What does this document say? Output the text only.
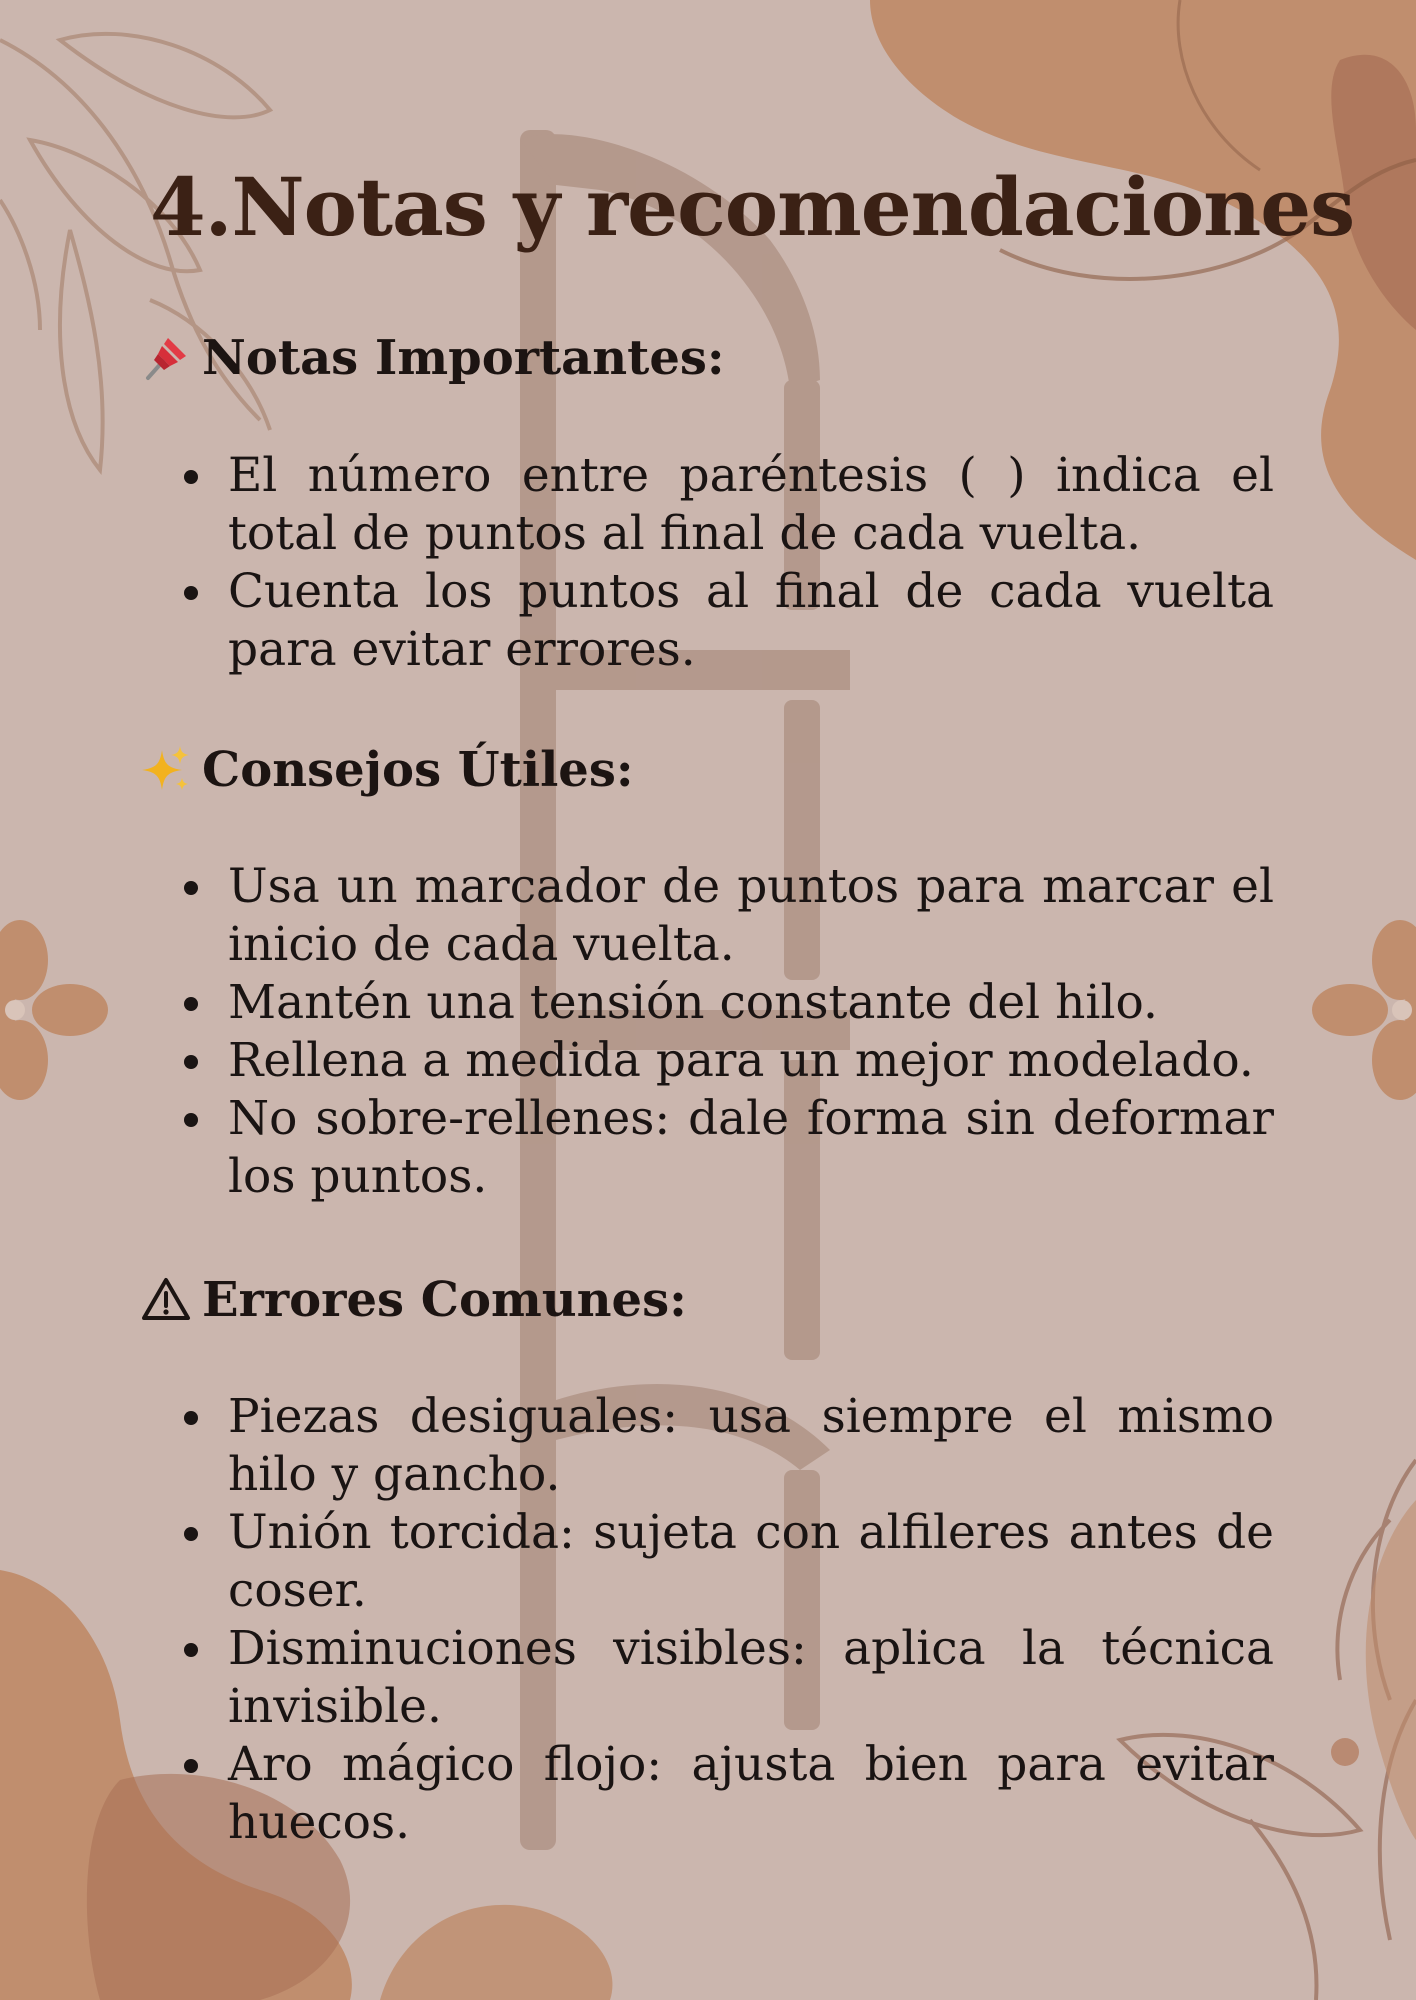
4.Notas y recomendaciones
Notas Importantes:
El número entre paréntesis ( ) indica el total de puntos al final de cada vuelta.
Cuenta los puntos al final de cada vuelta para evitar errores.
Consejos Útiles:
Usa un marcador de puntos para marcar el inicio de cada vuelta.
Mantén una tensión constante del hilo.
Rellena a medida para un mejor modelado.
No sobre-rellenes: dale forma sin deformar los puntos.
Errores Comunes:
Piezas desiguales: usa siempre el mismo hilo y gancho.
Unión torcida: sujeta con alfileres antes de coser.
Disminuciones visibles: aplica la técnica invisible.
Aro mágico flojo: ajusta bien para evitar huecos.
